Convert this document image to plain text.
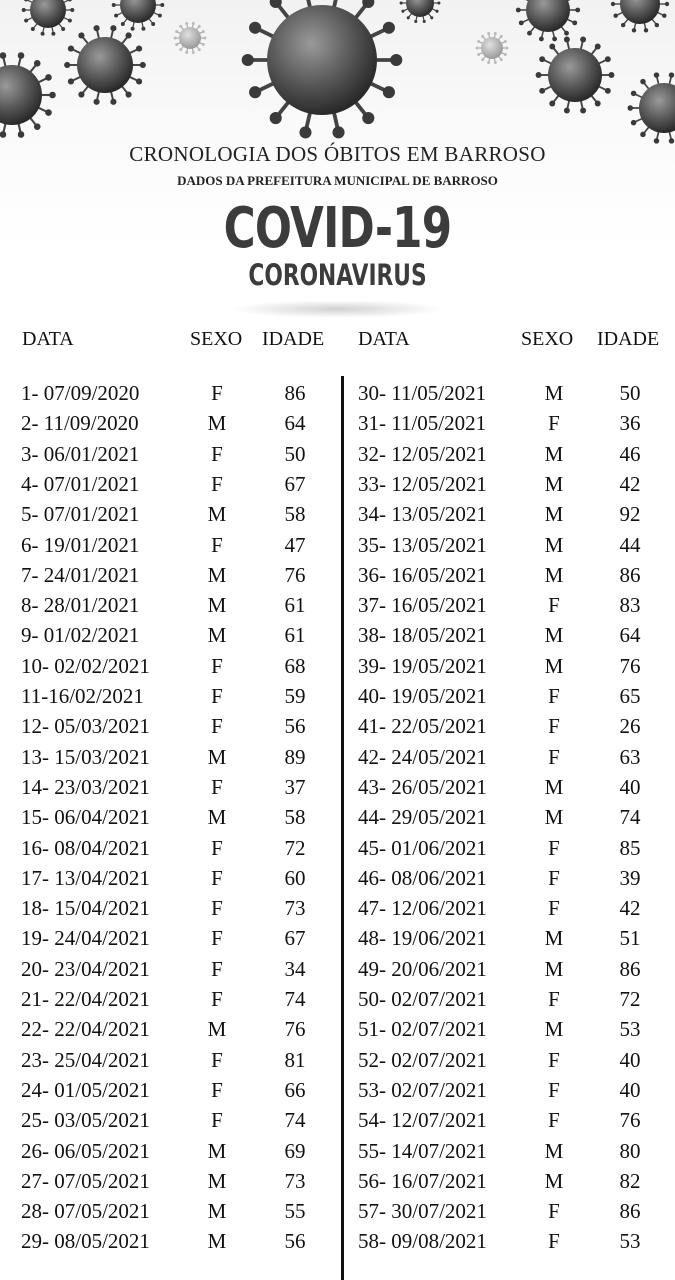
CRONOLOGIA DOS ÓBITOS EM BARROSO
DADOS DA PREFEITURA MUNICIPAL DE BARROSO
COVID-19
CORONAVIRUS
DATA	SEXO IDADE DATA	SEXO IDADE
1- 07/09/2020	F	86
2- 11/09/2020	M	64
3- 06/01/2021	F	50
4- 07/01/2021	F	67
5- 07/01/2021	M	58
6- 19/01/2021	F	47
7- 24/01/2021	M	76
8- 28/01/2021	M	61
9- 01/02/2021	M	61
10- 02/02/2021	F	68
11-16/02/2021	F	59
12- 05/03/2021	F	56
13- 15/03/2021	M	89
14- 23/03/2021	F	37
15- 06/04/2021	M	58
16- 08/04/2021	F	72
17- 13/04/2021	F	60
18- 15/04/2021	F	73
19- 24/04/2021	F	67
20- 23/04/2021	F	34
21- 22/04/2021	F	74
22- 22/04/2021	M	76
23- 25/04/2021	F	81
24- 01/05/2021	F	66
25- 03/05/2021	F	74
26- 06/05/2021	M	69
27- 07/05/2021	M	73
28- 07/05/2021	M	55
29- 08/05/2021	M	56
30- 11/05/2021	M	50
31- 11/05/2021	F	36
32- 12/05/2021	M	46
33- 12/05/2021	M	42
34- 13/05/2021	M	92
35- 13/05/2021	M	44
36- 16/05/2021	M	86
37- 16/05/2021	F	83
38- 18/05/2021	M	64
39- 19/05/2021	M	76
40- 19/05/2021	F	65
41- 22/05/2021	F	26
42- 24/05/2021	F	63
43- 26/05/2021	M	40
44- 29/05/2021	M	74
45- 01/06/2021	F	85
46- 08/06/2021	F	39
47- 12/06/2021	F	42
48- 19/06/2021	M	51
49- 20/06/2021	M	86
50- 02/07/2021	F	72
51- 02/07/2021	M	53
52- 02/07/2021	F	40
53- 02/07/2021	F	40
54- 12/07/2021	F	76
55- 14/07/2021	M	80
56- 16/07/2021	M	82
57- 30/07/2021	F	86
58- 09/08/2021	F	53
